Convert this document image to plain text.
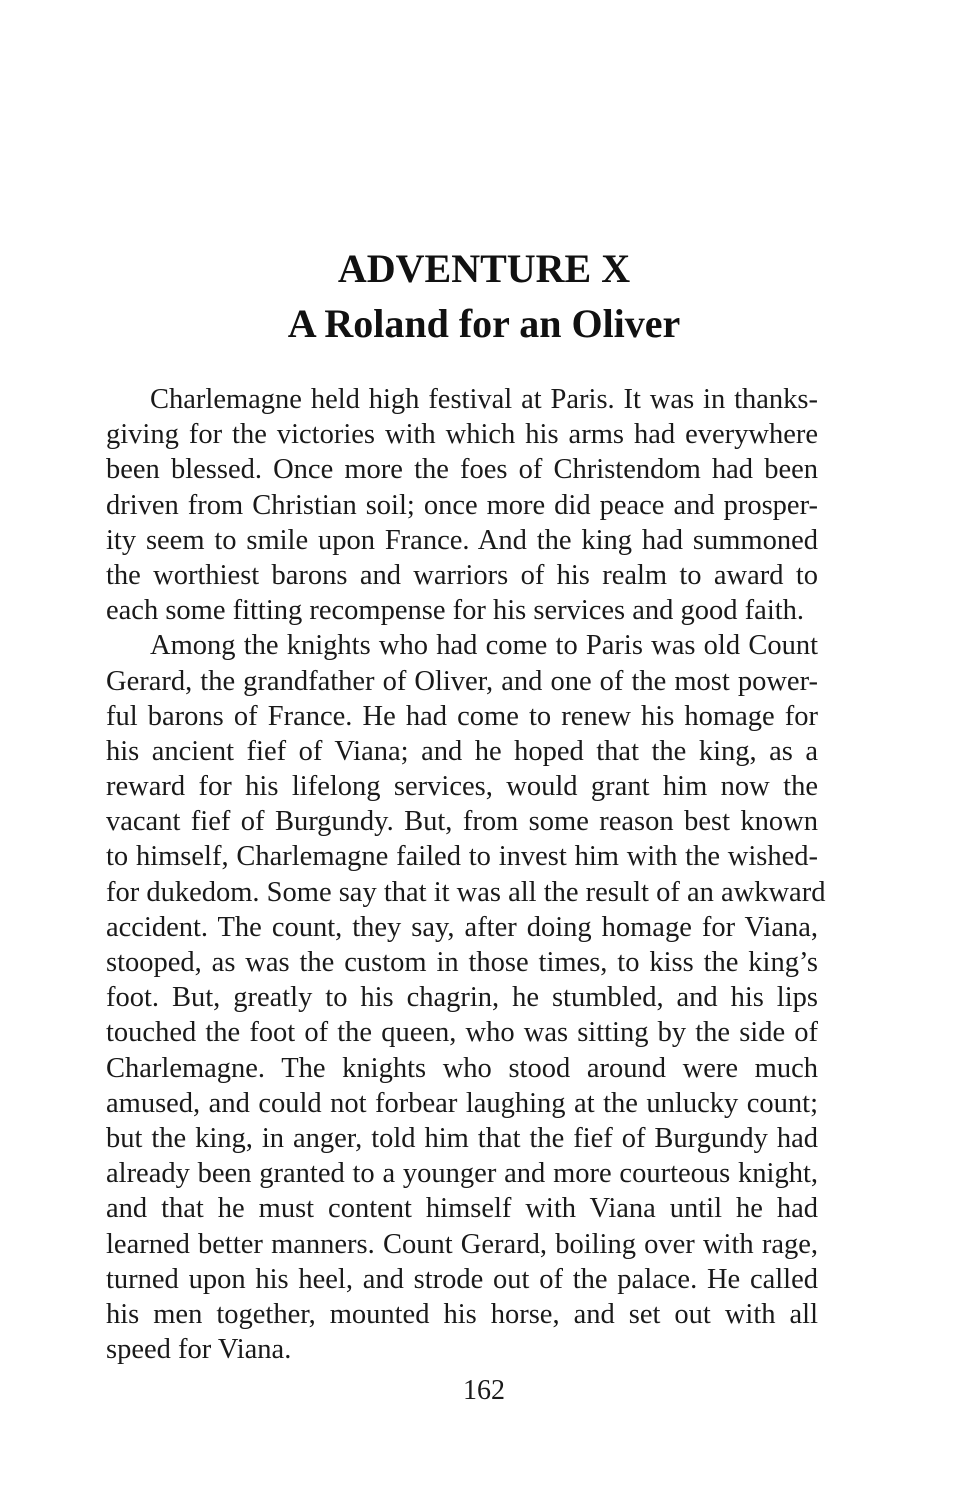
ADVENTURE X
A Roland for an Oliver
Charlemagne held high festival at Paris. It was in thanks-
giving for the victories with which his arms had everywhere
been blessed. Once more the foes of Christendom had been
driven from Christian soil; once more did peace and prosper-
ity seem to smile upon France. And the king had summoned
the worthiest barons and warriors of his realm to award to
each some fitting recompense for his services and good faith.
Among the knights who had come to Paris was old Count
Gerard, the grandfather of Oliver, and one of the most power-
ful barons of France. He had come to renew his homage for
his ancient fief of Viana; and he hoped that the king, as a
reward for his lifelong services, would grant him now the
vacant fief of Burgundy. But, from some reason best known
to himself, Charlemagne failed to invest him with the wished-
for dukedom. Some say that it was all the result of an awkward
accident. The count, they say, after doing homage for Viana,
stooped, as was the custom in those times, to kiss the king’s
foot. But, greatly to his chagrin, he stumbled, and his lips
touched the foot of the queen, who was sitting by the side of
Charlemagne. The knights who stood around were much
amused, and could not forbear laughing at the unlucky count;
but the king, in anger, told him that the fief of Burgundy had
already been granted to a younger and more courteous knight,
and that he must content himself with Viana until he had
learned better manners. Count Gerard, boiling over with rage,
turned upon his heel, and strode out of the palace. He called
his men together, mounted his horse, and set out with all
speed for Viana.
162
